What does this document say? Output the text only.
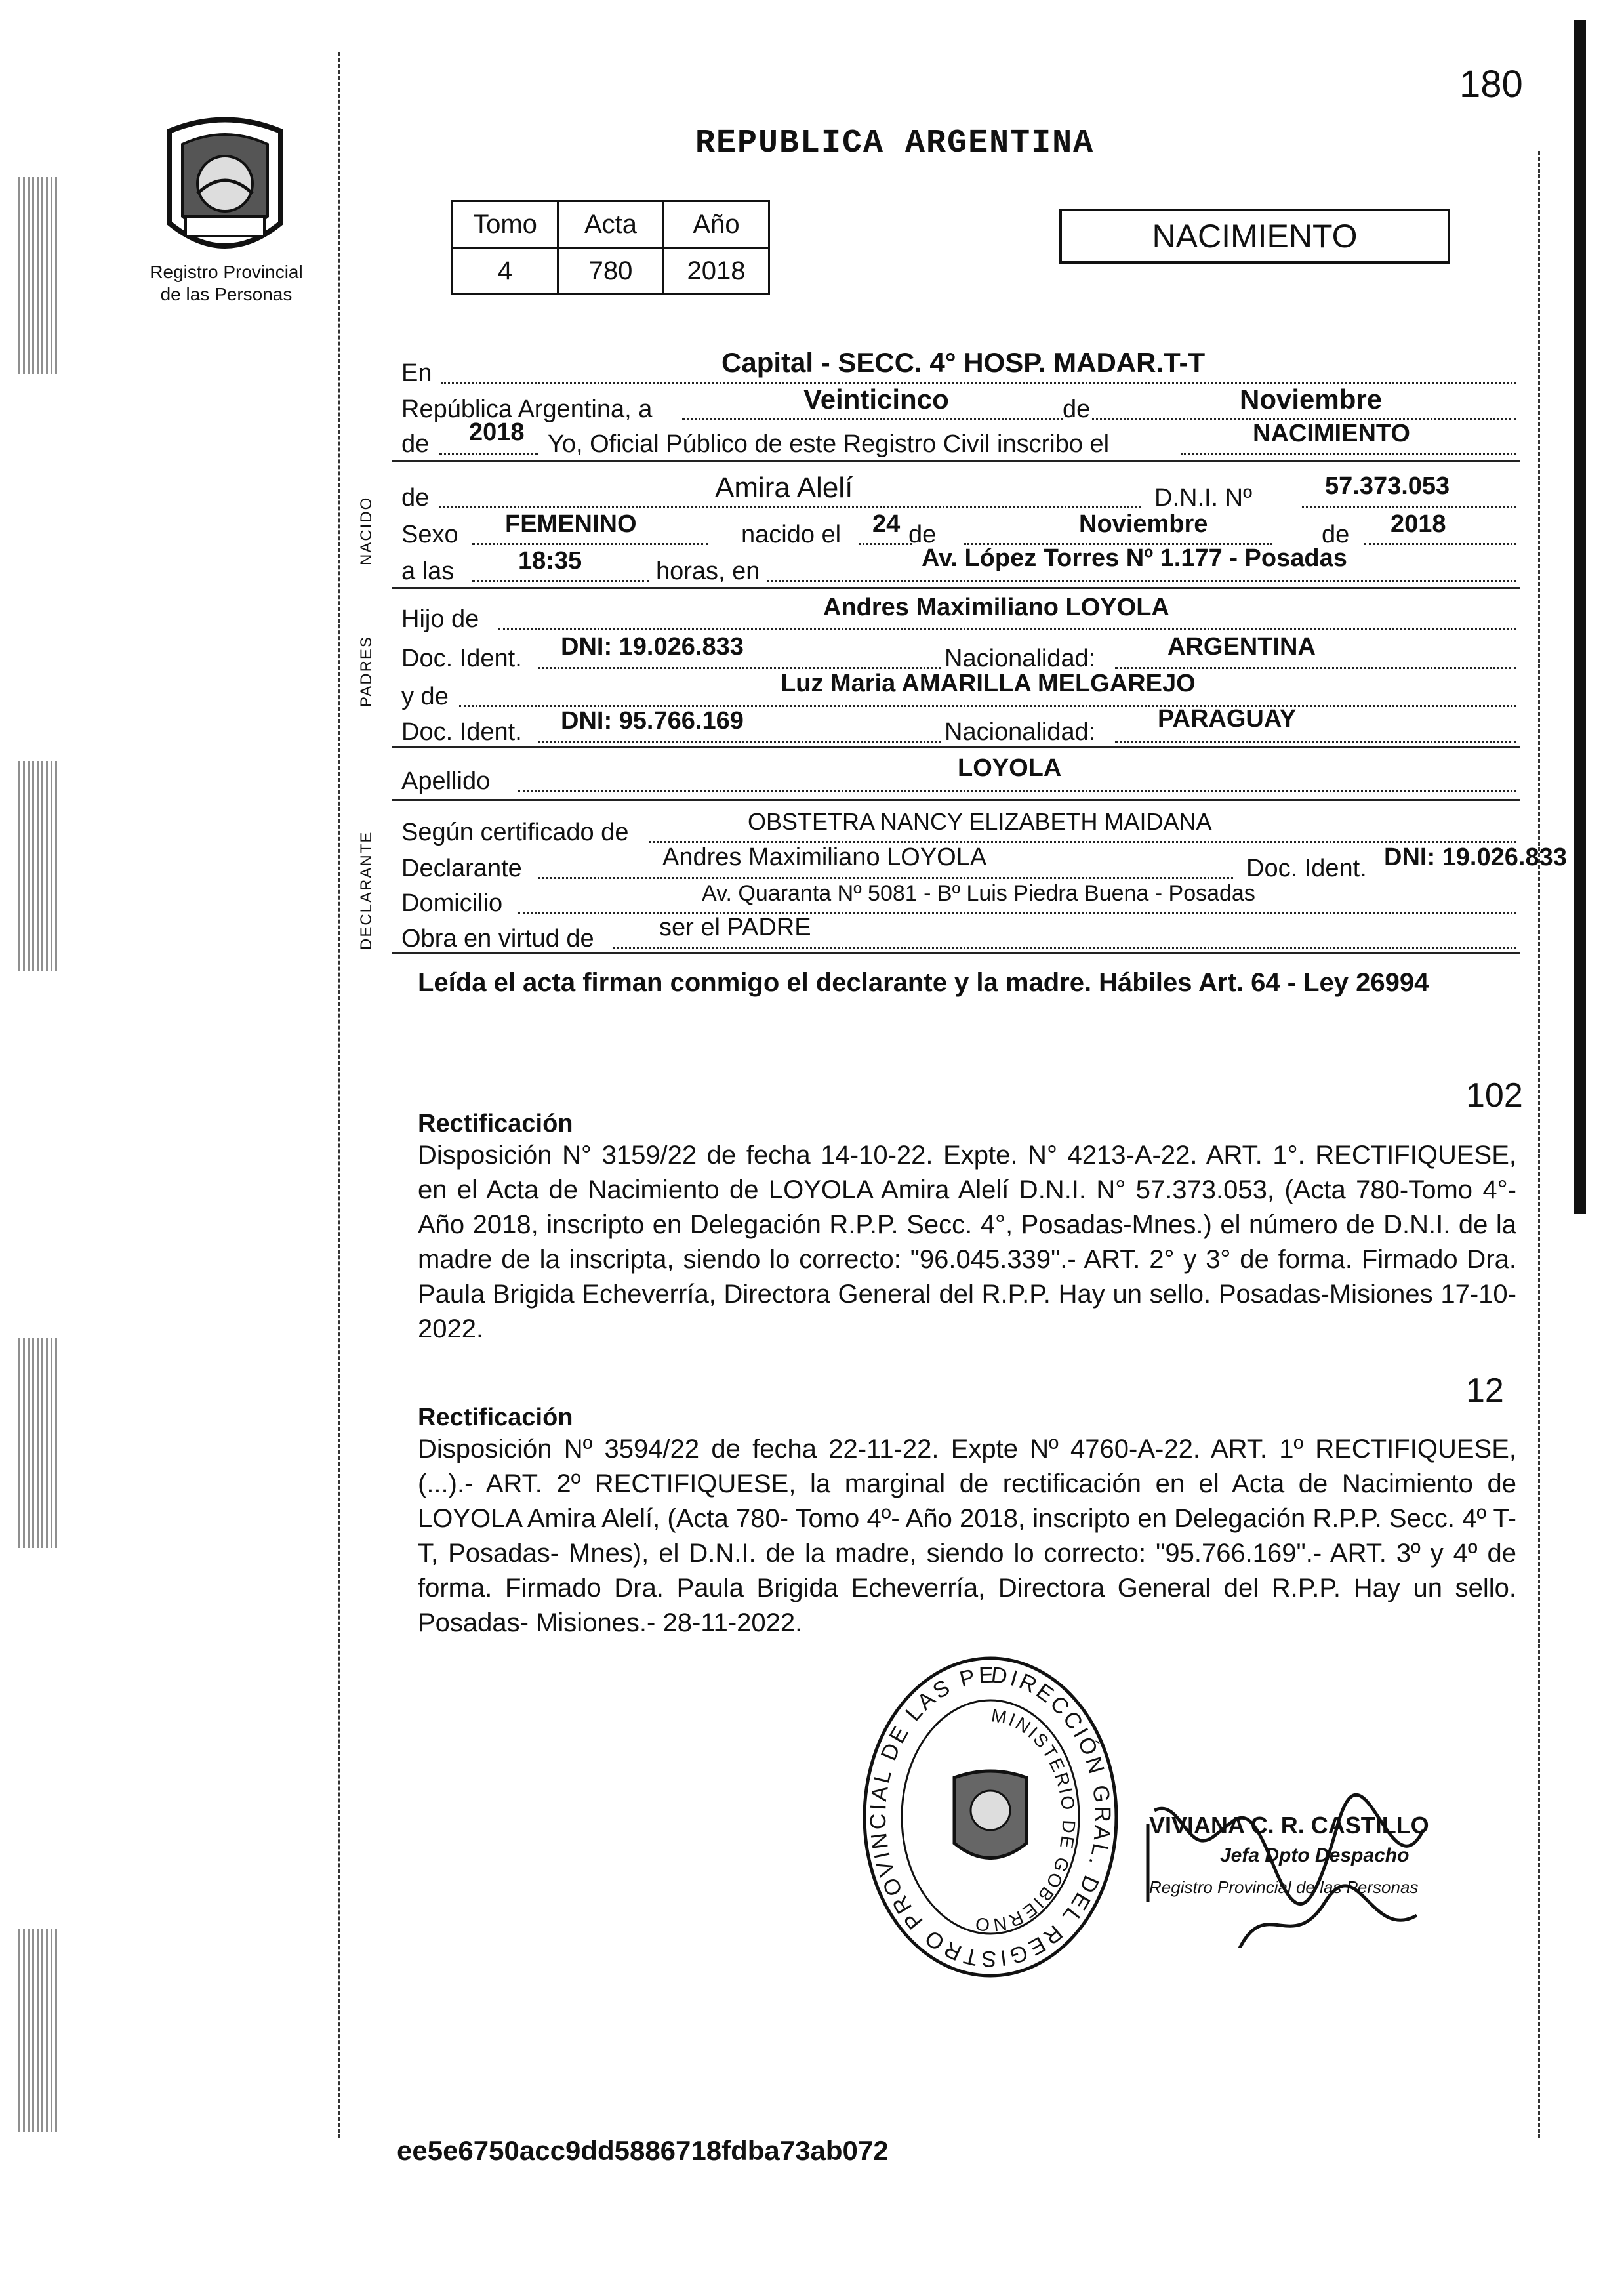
Registro Provincial
de las Personas
180
REPUBLICA ARGENTINA
Tomo	Acta	Año
4	780	2018
NACIMIENTO
NACIDO
PADRES
DECLARANTE
En	Capital - SECC. 4° HOSP. MADAR.T-T
República Argentina, a	Veinticinco	de	Noviembre
de 2018 Yo, Oficial Público de este Registro Civil inscribo el	NACIMIENTO
de	Amira Alelí	D.N.I. Nº	57.373.053
Sexo FEMENINO	nacido el 24 de	Noviembre	de 2018
a las	18:35	horas, en	Av. López Torres Nº 1.177 - Posadas
Hijo de	Andres Maximiliano LOYOLA
Doc. Ident. DNI: 19.026.833	Nacionalidad:	ARGENTINA
y de	Luz Maria AMARILLA MELGAREJO
Doc. Ident. DNI: 95.766.169	Nacionalidad: PARAGUAY
Apellido	LOYOLA
Según certificado de	OBSTETRA NANCY ELIZABETH MAIDANA
Declarante	Andres Maximiliano LOYOLA	Doc. Ident. DNI: 19.026.833
Domicilio	Av. Quaranta Nº 5081 - Bº Luis Piedra Buena - Posadas
Obra en virtud de	ser el PADRE
Leída el acta firman conmigo el declarante y la madre. Hábiles Art. 64 - Ley 26994
102
Rectificación
Disposición N° 3159/22 de fecha 14-10-22. Expte. N° 4213-A-22. ART. 1°. RECTIFIQUESE, en el Acta de Nacimiento de LOYOLA Amira Alelí D.N.I. N° 57.373.053, (Acta 780-Tomo 4°-Año 2018, inscripto en Delegación R.P.P. Secc. 4°, Posadas-Mnes.) el número de D.N.I. de la madre de la inscripta, siendo lo correcto: "96.045.339".- ART. 2° y 3° de forma. Firmado Dra. Paula Brigida Echeverría, Directora General del R.P.P. Hay un sello. Posadas-Misiones 17-10-2022.
12
Rectificación
Disposición Nº 3594/22 de fecha 22-11-22. Expte Nº 4760-A-22. ART. 1º RECTIFIQUESE, (...).- ART. 2º RECTIFIQUESE, la marginal de rectificación en el Acta de Nacimiento de LOYOLA Amira Alelí, (Acta 780- Tomo 4º- Año 2018, inscripto en Delegación R.P.P. Secc. 4º T-T, Posadas- Mnes), el D.N.I. de la madre, siendo lo correcto: "95.766.169".- ART. 3º y 4º de forma. Firmado Dra. Paula Brigida Echeverría, Directora General del R.P.P. Hay un sello. Posadas- Misiones.- 28-11-2022.
DIRECCIÓN GRAL. DEL REGISTRO PROVINCIAL DE LAS PE
MINISTERIO DE GOBIERNO
VIVIANA C. R. CASTILLO
Jefa Dpto Despacho
Registro Provincial de las Personas
ee5e6750acc9dd5886718fdba73ab072
